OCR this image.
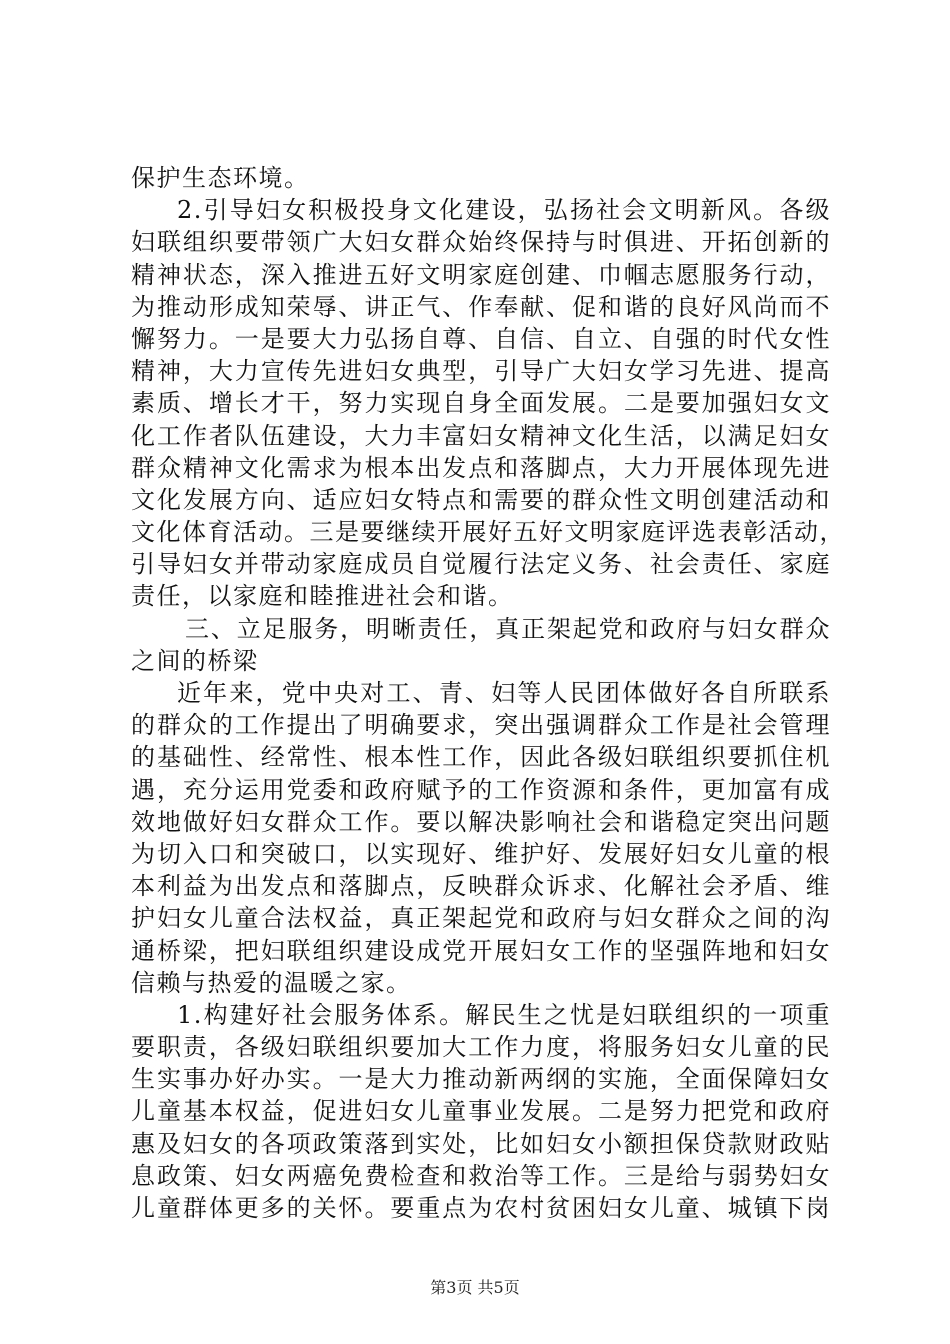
保护生态环境。
2.引导妇女积极投身文化建设，弘扬社会文明新风。各级
妇联组织要带领广大妇女群众始终保持与时俱进、开拓创新的
精神状态，深入推进五好文明家庭创建、巾帼志愿服务行动，
为推动形成知荣辱、讲正气、作奉献、促和谐的良好风尚而不
懈努力。一是要大力弘扬自尊、自信、自立、自强的时代女性
精神，大力宣传先进妇女典型，引导广大妇女学习先进、提高
素质、增长才干，努力实现自身全面发展。二是要加强妇女文
化工作者队伍建设，大力丰富妇女精神文化生活，以满足妇女
群众精神文化需求为根本出发点和落脚点，大力开展体现先进
文化发展方向、适应妇女特点和需要的群众性文明创建活动和
文化体育活动。三是要继续开展好五好文明家庭评选表彰活动，
引导妇女并带动家庭成员自觉履行法定义务、社会责任、家庭
责任，以家庭和睦推进社会和谐。
三、立足服务，明晰责任，真正架起党和政府与妇女群众
之间的桥梁
近年来，党中央对工、青、妇等人民团体做好各自所联系
的群众的工作提出了明确要求，突出强调群众工作是社会管理
的基础性、经常性、根本性工作，因此各级妇联组织要抓住机
遇，充分运用党委和政府赋予的工作资源和条件，更加富有成
效地做好妇女群众工作。要以解决影响社会和谐稳定突出问题
为切入口和突破口，以实现好、维护好、发展好妇女儿童的根
本利益为出发点和落脚点，反映群众诉求、化解社会矛盾、维
护妇女儿童合法权益，真正架起党和政府与妇女群众之间的沟
通桥梁，把妇联组织建设成党开展妇女工作的坚强阵地和妇女
信赖与热爱的温暖之家。
1.构建好社会服务体系。解民生之忧是妇联组织的一项重
要职责，各级妇联组织要加大工作力度，将服务妇女儿童的民
生实事办好办实。一是大力推动新两纲的实施，全面保障妇女
儿童基本权益，促进妇女儿童事业发展。二是努力把党和政府
惠及妇女的各项政策落到实处，比如妇女小额担保贷款财政贴
息政策、妇女两癌免费检查和救治等工作。三是给与弱势妇女
儿童群体更多的关怀。要重点为农村贫困妇女儿童、城镇下岗
第3页 共5页
